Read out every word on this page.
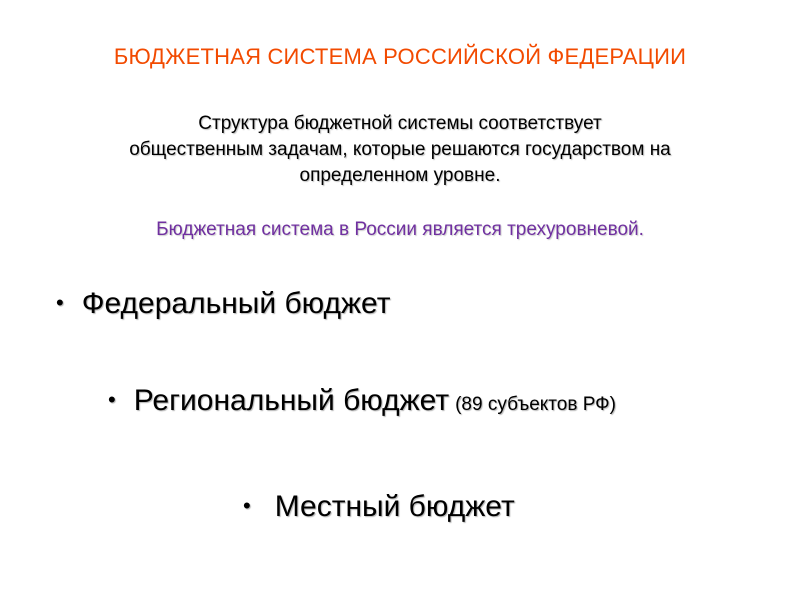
БЮДЖЕТНАЯ СИСТЕМА РОССИЙСКОЙ ФЕДЕРАЦИИ
Структура бюджетной системы соответствует
общественным задачам, которые решаются государством на
определенном уровне.
Бюджетная система в России является трехуровневой.
• Федеральный бюджет
• Региональный бюджет (89 субъектов РФ)
• Местный бюджет
